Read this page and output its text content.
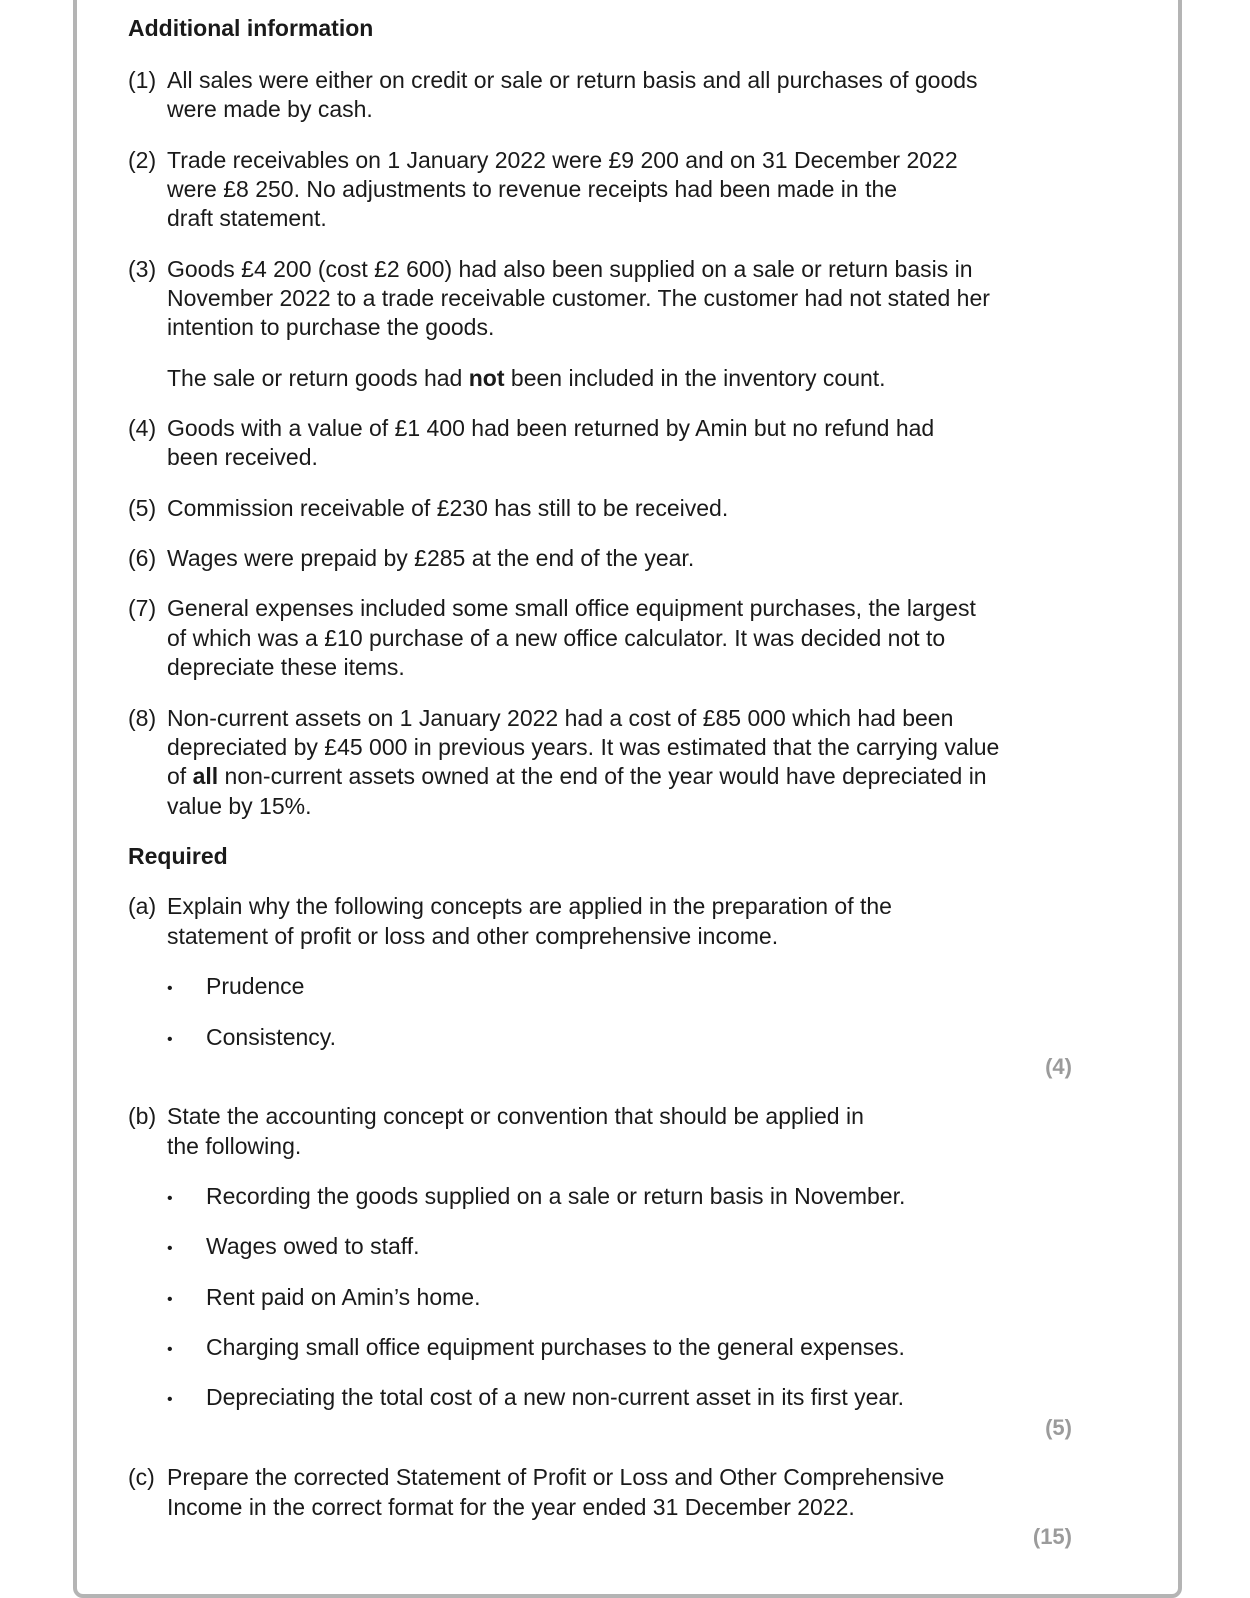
Additional information
(1) All sales were either on credit or sale or return basis and all purchases of goods
were made by cash.
(2) Trade receivables on 1 January 2022 were £9 200 and on 31 December 2022
were £8 250. No adjustments to revenue receipts had been made in the
draft statement.
(3) Goods £4 200 (cost £2 600) had also been supplied on a sale or return basis in
November 2022 to a trade receivable customer. The customer had not stated her
intention to purchase the goods.
The sale or return goods had not been included in the inventory count.
(4) Goods with a value of £1 400 had been returned by Amin but no refund had
been received.
(5) Commission receivable of £230 has still to be received.
(6) Wages were prepaid by £285 at the end of the year.
(7) General expenses included some small office equipment purchases, the largest
of which was a £10 purchase of a new office calculator. It was decided not to
depreciate these items.
(8) Non-current assets on 1 January 2022 had a cost of £85 000 which had been
depreciated by £45 000 in previous years. It was estimated that the carrying value
of all non-current assets owned at the end of the year would have depreciated in
value by 15%.
Required
(a) Explain why the following concepts are applied in the preparation of the
statement of profit or loss and other comprehensive income.
• Prudence
• Consistency.
(4)
(b) State the accounting concept or convention that should be applied in
the following.
• Recording the goods supplied on a sale or return basis in November.
• Wages owed to staff.
• Rent paid on Amin’s home.
• Charging small office equipment purchases to the general expenses.
• Depreciating the total cost of a new non-current asset in its first year.
(5)
(c) Prepare the corrected Statement of Profit or Loss and Other Comprehensive
Income in the correct format for the year ended 31 December 2022.
(15)
